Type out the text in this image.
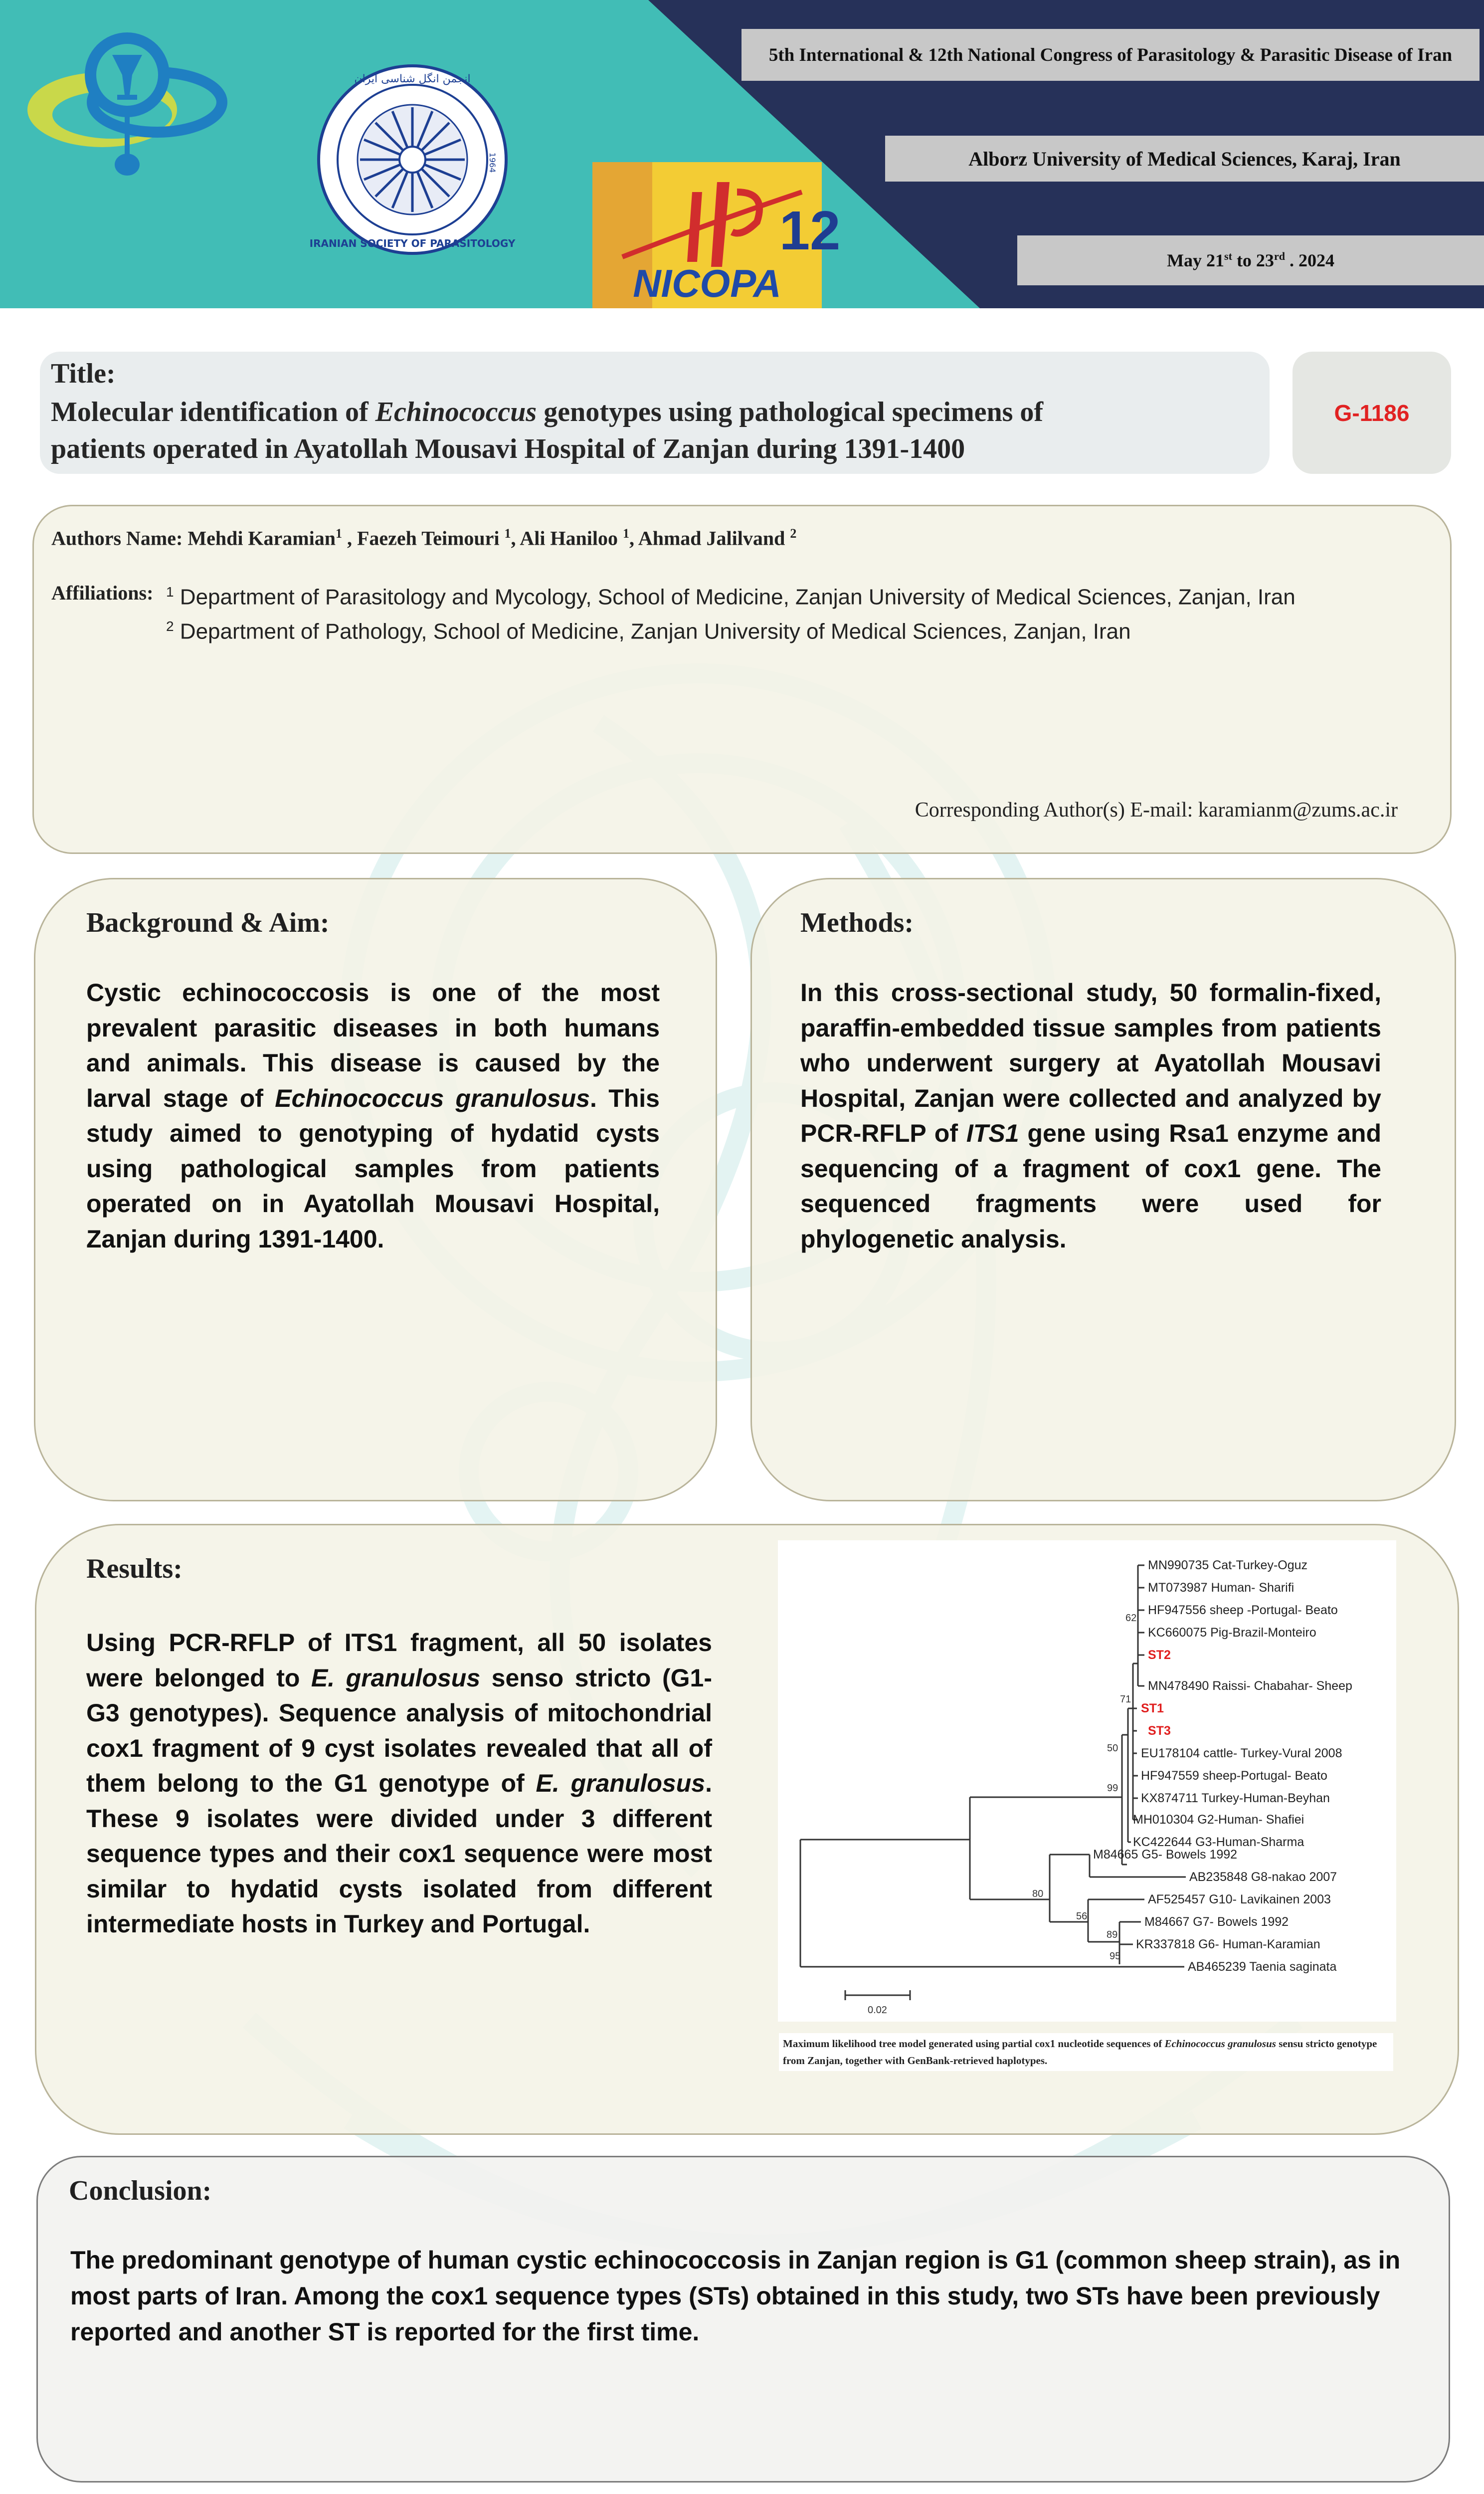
انجمن انگل شناسی ایران
IRANIAN SOCIETY OF PARASITOLOGY
1964
12
NICOPA
5th International & 12th National Congress of Parasitology & Parasitic Disease of Iran
Alborz University of Medical Sciences, Karaj, Iran
May 21st to 23rd . 2024
Title:
Molecular identification of Echinococcus genotypes using pathological specimens of
patients operated in Ayatollah Mousavi Hospital of Zanjan during 1391-1400
G-1186
Authors Name: Mehdi Karamian$^1$ , Faezeh Teimouri $^1$, Ali Haniloo $^1$, Ahmad Jalilvand $^2$
Affiliations: $^1$ Department of Parasitology and Mycology, School of Medicine, Zanjan University of Medical Sciences, Zanjan, Iran
$^2$ Department of Pathology, School of Medicine, Zanjan University of Medical Sciences, Zanjan, Iran
Corresponding Author(s) E-mail: karamianm@zums.ac.ir
Background & Aim:
Cystic echinococcosis is one of the most prevalent parasitic diseases in both humans and animals. This disease is caused by the larval stage of Echinococcus granulosus. This study aimed to genotyping of hydatid cysts using pathological samples from patients operated on in Ayatollah Mousavi Hospital, Zanjan during 1391-1400.
Methods:
In this cross-sectional study, 50 formalin-fixed, paraffin-embedded tissue samples from patients who underwent surgery at Ayatollah Mousavi Hospital, Zanjan were collected and analyzed by PCR-RFLP of ITS1 gene using Rsa1 enzyme and sequencing of a fragment of cox1 gene. The sequenced fragments were used for phylogenetic analysis.
Results:
Using PCR-RFLP of ITS1 fragment, all 50 isolates were belonged to E. granulosus senso stricto (G1-G3 genotypes). Sequence analysis of mitochondrial cox1 fragment of 9 cyst isolates revealed that all of them belong to the G1 genotype of E. granulosus. These 9 isolates were divided under 3 different sequence types and their cox1 sequence were most similar to hydatid cysts isolated from different intermediate hosts in Turkey and Portugal.
MN990735 Cat-Turkey-Oguz
MT073987 Human- Sharifi
HF947556 sheep -Portugal- Beato
KC660075 Pig-Brazil-Monteiro
ST2
MN478490 Raissi- Chabahar- Sheep
ST1
ST3
EU178104 cattle- Turkey-Vural 2008
HF947559 sheep-Portugal- Beato
KX874711 Turkey-Human-Beyhan
MH010304 G2-Human- Shafiei
KC422644 G3-Human-Sharma
M84665 G5- Bowels 1992
AB235848 G8-nakao 2007
AF525457 G10- Lavikainen 2003
M84667 G7- Bowels 1992
KR337818 G6- Human-Karamian
AB465239 Taenia saginata
62
71
50
99
80
56
89
95
0.02
Maximum likelihood tree model generated using partial cox1 nucleotide sequences of Echinococcus granulosus sensu stricto genotype from Zanjan, together with GenBank-retrieved haplotypes.
Conclusion:
The predominant genotype of human cystic echinococcosis in Zanjan region is G1 (common sheep strain), as in most parts of Iran. Among the cox1 sequence types (STs) obtained in this study, two STs have been previously reported and another ST is reported for the first time.
